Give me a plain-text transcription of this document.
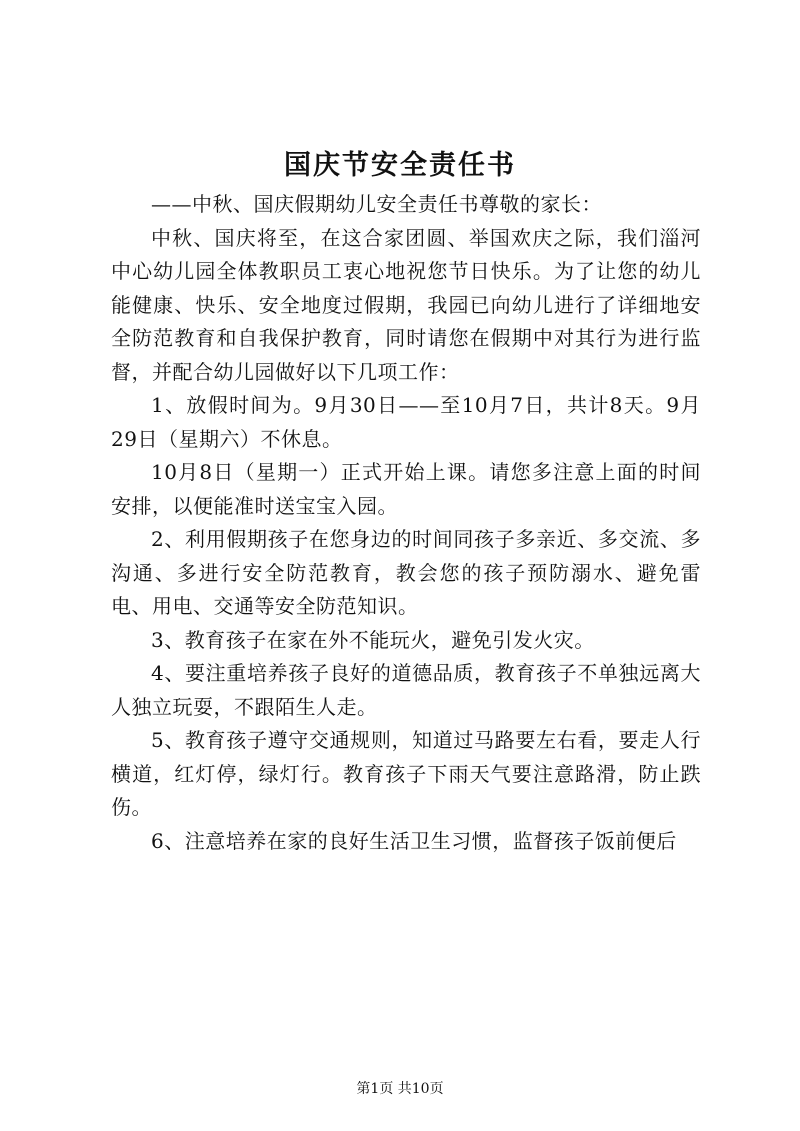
国庆节安全责任书

——中秋、国庆假期幼儿安全责任书尊敬的家长：

中秋、国庆将至，在这合家团圆、举国欢庆之际，我们淄河中心幼儿园全体教职员工衷心地祝您节日快乐。为了让您的幼儿能健康、快乐、安全地度过假期，我园已向幼儿进行了详细地安全防范教育和自我保护教育，同时请您在假期中对其行为进行监督，并配合幼儿园做好以下几项工作：

1、放假时间为。9月30日——至10月7日，共计8天。9月29日（星期六）不休息。

10月8日（星期一）正式开始上课。请您多注意上面的时间安排，以便能准时送宝宝入园。

2、利用假期孩子在您身边的时间同孩子多亲近、多交流、多沟通、多进行安全防范教育，教会您的孩子预防溺水、避免雷电、用电、交通等安全防范知识。

3、教育孩子在家在外不能玩火，避免引发火灾。

4、要注重培养孩子良好的道德品质，教育孩子不单独远离大人独立玩耍，不跟陌生人走。

5、教育孩子遵守交通规则，知道过马路要左右看，要走人行横道，红灯停，绿灯行。教育孩子下雨天气要注意路滑，防止跌伤。

6、注意培养在家的良好生活卫生习惯，监督孩子饭前便后

第1页 共10页
